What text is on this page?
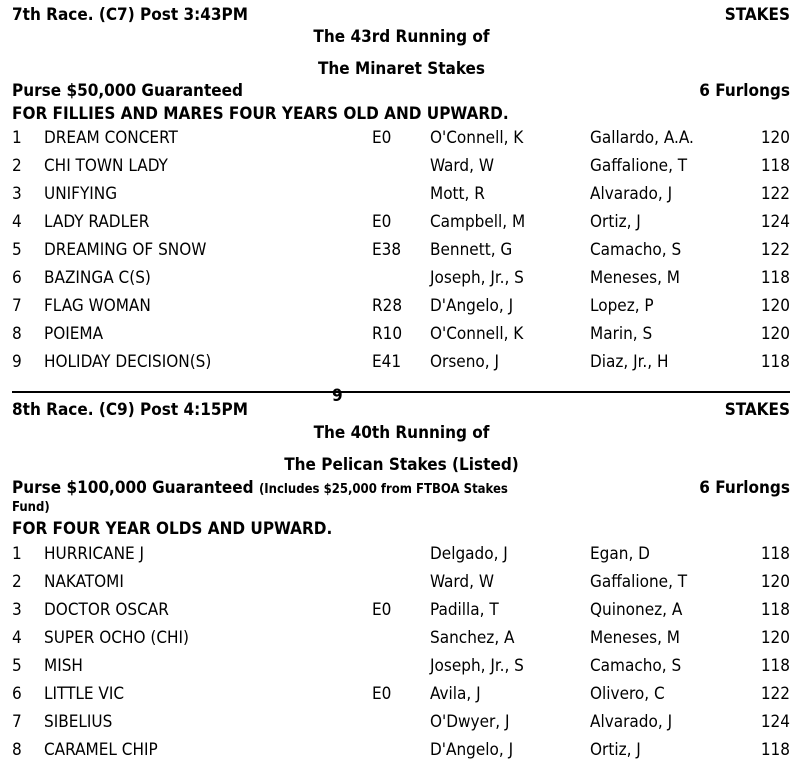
7th Race. (C7) Post 3:43PM	STAKES
The 43rd Running of
The Minaret Stakes
Purse $50,000 Guaranteed	6 Furlongs
FOR FILLIES AND MARES FOUR YEARS OLD AND UPWARD.
1 DREAM CONCERT	E0 O'Connell, K	Gallardo, A.A.	120
2 CHI TOWN LADY	Ward, W	Gaffalione, T	118
3 UNIFYING	Mott, R	Alvarado, J	122
4 LADY RADLER	E0 Campbell, M	Ortiz, J	124
5 DREAMING OF SNOW	E38 Bennett, G	Camacho, S	122
6 BAZINGA C(S)	Joseph, Jr., S	Meneses, M	118
7 FLAG WOMAN	R28 D'Angelo, J	Lopez, P	120
8 POIEMA	R10 O'Connell, K	Marin, S	120
9 HOLIDAY DECISION(S)	E41 Orseno, J	Diaz, Jr., H	118
9
8th Race. (C9) Post 4:15PM	STAKES
The 40th Running of
The Pelican Stakes (Listed)
Purse $100,000 Guaranteed (Includes $25,000 from FTBOA Stakes	6 Furlongs
Fund)
FOR FOUR YEAR OLDS AND UPWARD.
1 HURRICANE J	Delgado, J	Egan, D	118
2 NAKATOMI	Ward, W	Gaffalione, T	120
3 DOCTOR OSCAR	E0 Padilla, T	Quinonez, A	118
4 SUPER OCHO (CHI)	Sanchez, A	Meneses, M	120
5 MISH	Joseph, Jr., S	Camacho, S	118
6 LITTLE VIC	E0 Avila, J	Olivero, C	122
7 SIBELIUS	O'Dwyer, J	Alvarado, J	124
8 CARAMEL CHIP	D'Angelo, J	Ortiz, J	118
